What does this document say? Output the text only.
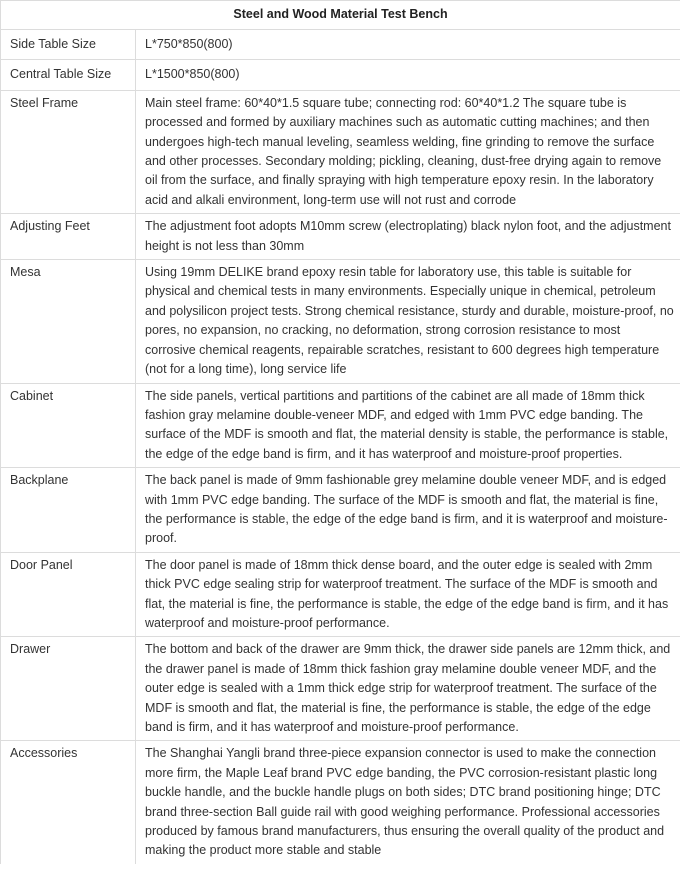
Steel and Wood Material Test Bench	
Side Table Size	L*750*850(800)
Central Table Size	L*1500*850(800)
Steel Frame	Main steel frame: 60*40*1.5 square tube; connecting rod: 60*40*1.2 The square tube is processed and formed by auxiliary machines such as automatic cutting machines; and then undergoes high-tech manual leveling, seamless welding, fine grinding to remove the surface and other processes. Secondary molding; pickling, cleaning, dust-free drying again to remove oil from the surface, and finally spraying with high temperature epoxy resin. In the laboratory acid and alkali environment, long-term use will not rust and corrode
Adjusting Feet	The adjustment foot adopts M10mm screw (electroplating) black nylon foot, and the adjustment height is not less than 30mm
Mesa	Using 19mm DELIKE brand epoxy resin table for laboratory use, this table is suitable for physical and chemical tests in many environments. Especially unique in chemical, petroleum and polysilicon project tests. Strong chemical resistance, sturdy and durable, moisture-proof, no pores, no expansion, no cracking, no deformation, strong corrosion resistance to most corrosive chemical reagents, repairable scratches, resistant to 600 degrees high temperature (not for a long time), long service life
Cabinet	The side panels, vertical partitions and partitions of the cabinet are all made of 18mm thick fashion gray melamine double-veneer MDF, and edged with 1mm PVC edge banding. The surface of the MDF is smooth and flat, the material density is stable, the performance is stable, the edge of the edge band is firm, and it has waterproof and moisture-proof properties.
Backplane	The back panel is made of 9mm fashionable grey melamine double veneer MDF, and is edged with 1mm PVC edge banding. The surface of the MDF is smooth and flat, the material is fine, the performance is stable, the edge of the edge band is firm, and it is waterproof and moisture-proof.
Door Panel	The door panel is made of 18mm thick dense board, and the outer edge is sealed with 2mm thick PVC edge sealing strip for waterproof treatment. The surface of the MDF is smooth and flat, the material is fine, the performance is stable, the edge of the edge band is firm, and it has waterproof and moisture-proof performance.
Drawer	The bottom and back of the drawer are 9mm thick, the drawer side panels are 12mm thick, and the drawer panel is made of 18mm thick fashion gray melamine double veneer MDF, and the outer edge is sealed with a 1mm thick edge strip for waterproof treatment. The surface of the MDF is smooth and flat, the material is fine, the performance is stable, the edge of the edge band is firm, and it has waterproof and moisture-proof performance.
Accessories	The Shanghai Yangli brand three-piece expansion connector is used to make the connection more firm, the Maple Leaf brand PVC edge banding, the PVC corrosion-resistant plastic long buckle handle, and the buckle handle plugs on both sides; DTC brand positioning hinge; DTC brand three-section Ball guide rail with good weighing performance. Professional accessories produced by famous brand manufacturers, thus ensuring the overall quality of the product and making the product more stable and stable
